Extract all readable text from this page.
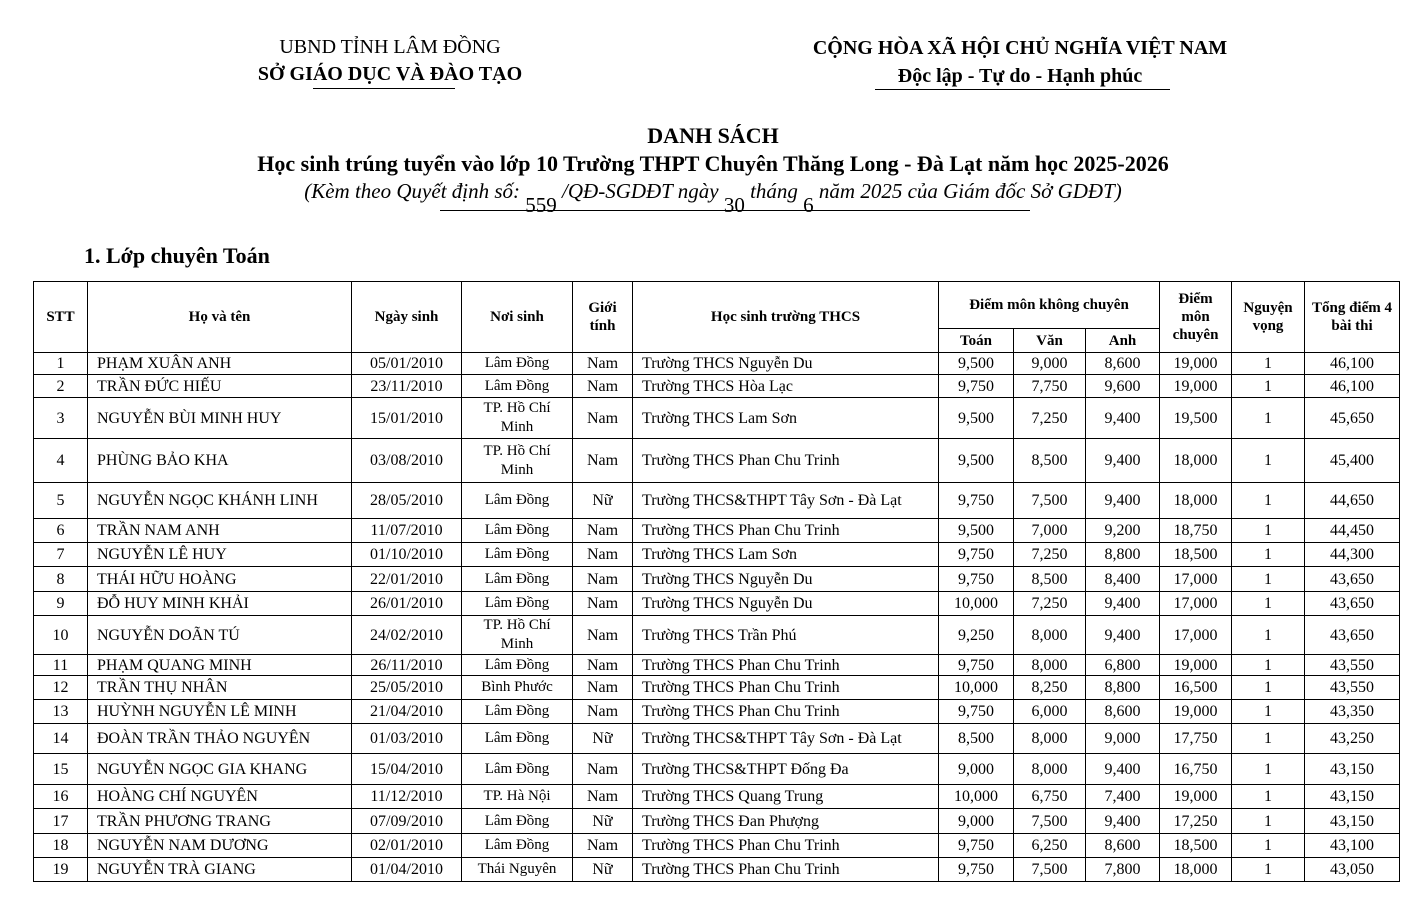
UBND TỈNH LÂM ĐỒNG
SỞ GIÁO DỤC VÀ ĐÀO TẠO
CỘNG HÒA XÃ HỘI CHỦ NGHĨA VIỆT NAM
Độc lập - Tự do - Hạnh phúc
DANH SÁCH
Học sinh trúng tuyển vào lớp 10 Trường THPT Chuyên Thăng Long - Đà Lạt năm học 2025-2026
(Kèm theo Quyết định số: 559 /QĐ-SGDĐT ngày 30 tháng 6 năm 2025 của Giám đốc Sở GDĐT)
1. Lớp chuyên Toán
STT	Họ và tên	Ngày sinh	Nơi sinh	Giới tính	Học sinh trường THCS	Điểm môn không chuyên			Điểm môn chuyên	Nguyện vọng	Tổng điểm 4 bài thi
						Toán	Văn	Anh			
1	PHẠM XUÂN ANH	05/01/2010	Lâm Đồng	Nam	Trường THCS Nguyễn Du	9,500	9,000	8,600	19,000	1	46,100
2	TRẦN ĐỨC HIẾU	23/11/2010	Lâm Đồng	Nam	Trường THCS Hòa Lạc	9,750	7,750	9,600	19,000	1	46,100
3	NGUYỄN BÙI MINH HUY	15/01/2010	TP. Hồ Chí Minh	Nam	Trường THCS Lam Sơn	9,500	7,250	9,400	19,500	1	45,650
4	PHÙNG BẢO KHA	03/08/2010	TP. Hồ Chí Minh	Nam	Trường THCS Phan Chu Trinh	9,500	8,500	9,400	18,000	1	45,400
5	NGUYỄN NGỌC KHÁNH LINH	28/05/2010	Lâm Đồng	Nữ	Trường THCS&THPT Tây Sơn - Đà Lạt	9,750	7,500	9,400	18,000	1	44,650
6	TRẦN NAM ANH	11/07/2010	Lâm Đồng	Nam	Trường THCS Phan Chu Trinh	9,500	7,000	9,200	18,750	1	44,450
7	NGUYỄN LÊ HUY	01/10/2010	Lâm Đồng	Nam	Trường THCS Lam Sơn	9,750	7,250	8,800	18,500	1	44,300
8	THÁI HỮU HOÀNG	22/01/2010	Lâm Đồng	Nam	Trường THCS Nguyễn Du	9,750	8,500	8,400	17,000	1	43,650
9	ĐỖ HUY MINH KHẢI	26/01/2010	Lâm Đồng	Nam	Trường THCS Nguyễn Du	10,000	7,250	9,400	17,000	1	43,650
10	NGUYỄN DOÃN TÚ	24/02/2010	TP. Hồ Chí Minh	Nam	Trường THCS Trần Phú	9,250	8,000	9,400	17,000	1	43,650
11	PHẠM QUANG MINH	26/11/2010	Lâm Đồng	Nam	Trường THCS Phan Chu Trinh	9,750	8,000	6,800	19,000	1	43,550
12	TRẦN THỤ NHÂN	25/05/2010	Bình Phước	Nam	Trường THCS Phan Chu Trinh	10,000	8,250	8,800	16,500	1	43,550
13	HUỲNH NGUYỄN LÊ MINH	21/04/2010	Lâm Đồng	Nam	Trường THCS Phan Chu Trinh	9,750	6,000	8,600	19,000	1	43,350
14	ĐOÀN TRẦN THẢO NGUYÊN	01/03/2010	Lâm Đồng	Nữ	Trường THCS&THPT Tây Sơn - Đà Lạt	8,500	8,000	9,000	17,750	1	43,250
15	NGUYỄN NGỌC GIA KHANG	15/04/2010	Lâm Đồng	Nam	Trường THCS&THPT Đống Đa	9,000	8,000	9,400	16,750	1	43,150
16	HOÀNG CHÍ NGUYÊN	11/12/2010	TP. Hà Nội	Nam	Trường THCS Quang Trung	10,000	6,750	7,400	19,000	1	43,150
17	TRẦN PHƯƠNG TRANG	07/09/2010	Lâm Đồng	Nữ	Trường THCS Đan Phượng	9,000	7,500	9,400	17,250	1	43,150
18	NGUYỄN NAM DƯƠNG	02/01/2010	Lâm Đồng	Nam	Trường THCS Phan Chu Trinh	9,750	6,250	8,600	18,500	1	43,100
19	NGUYỄN TRÀ GIANG	01/04/2010	Thái Nguyên	Nữ	Trường THCS Phan Chu Trinh	9,750	7,500	7,800	18,000	1	43,050
